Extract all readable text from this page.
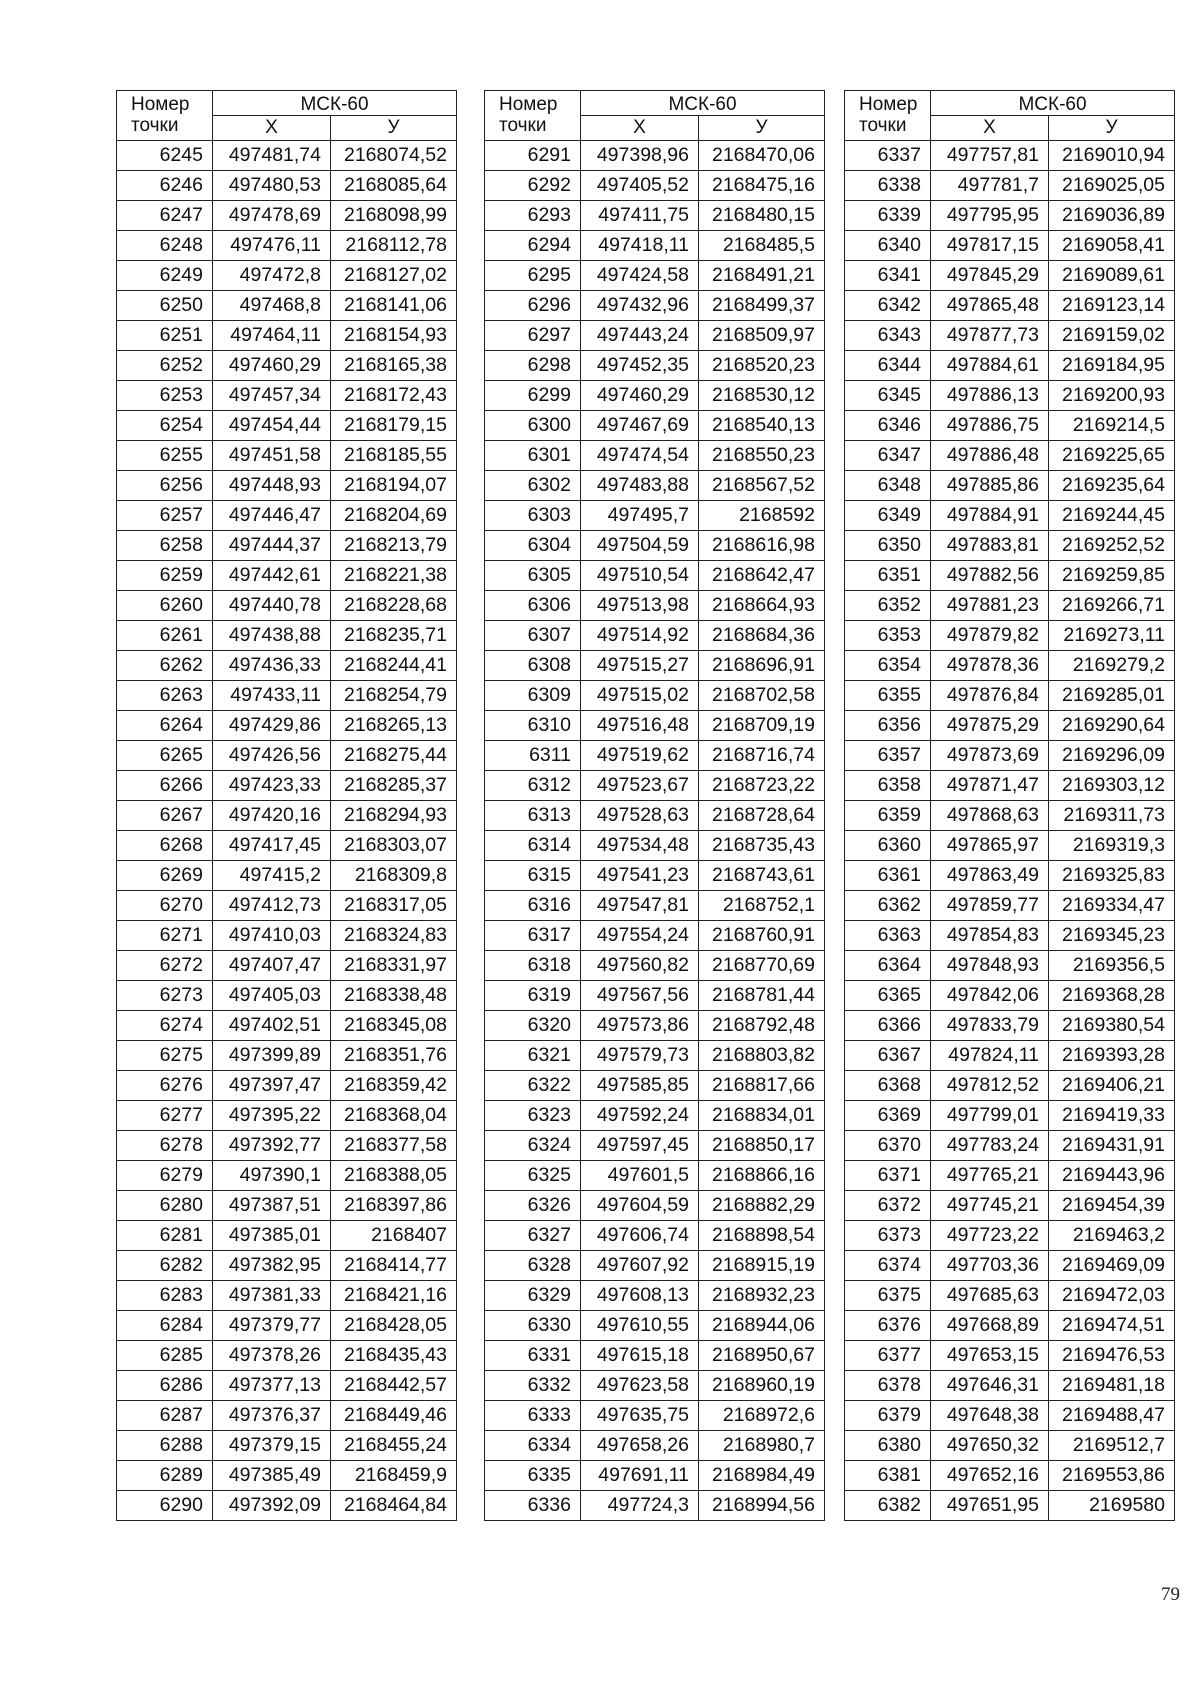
Номер
точки	МСК-60	
	Х	У
6245	497481,74	2168074,52
6246	497480,53	2168085,64
6247	497478,69	2168098,99
6248	497476,11	2168112,78
6249	497472,8	2168127,02
6250	497468,8	2168141,06
6251	497464,11	2168154,93
6252	497460,29	2168165,38
6253	497457,34	2168172,43
6254	497454,44	2168179,15
6255	497451,58	2168185,55
6256	497448,93	2168194,07
6257	497446,47	2168204,69
6258	497444,37	2168213,79
6259	497442,61	2168221,38
6260	497440,78	2168228,68
6261	497438,88	2168235,71
6262	497436,33	2168244,41
6263	497433,11	2168254,79
6264	497429,86	2168265,13
6265	497426,56	2168275,44
6266	497423,33	2168285,37
6267	497420,16	2168294,93
6268	497417,45	2168303,07
6269	497415,2	2168309,8
6270	497412,73	2168317,05
6271	497410,03	2168324,83
6272	497407,47	2168331,97
6273	497405,03	2168338,48
6274	497402,51	2168345,08
6275	497399,89	2168351,76
6276	497397,47	2168359,42
6277	497395,22	2168368,04
6278	497392,77	2168377,58
6279	497390,1	2168388,05
6280	497387,51	2168397,86
6281	497385,01	2168407
6282	497382,95	2168414,77
6283	497381,33	2168421,16
6284	497379,77	2168428,05
6285	497378,26	2168435,43
6286	497377,13	2168442,57
6287	497376,37	2168449,46
6288	497379,15	2168455,24
6289	497385,49	2168459,9
6290	497392,09	2168464,84
Номер
точки	МСК-60	
	Х	У
6291	497398,96	2168470,06
6292	497405,52	2168475,16
6293	497411,75	2168480,15
6294	497418,11	2168485,5
6295	497424,58	2168491,21
6296	497432,96	2168499,37
6297	497443,24	2168509,97
6298	497452,35	2168520,23
6299	497460,29	2168530,12
6300	497467,69	2168540,13
6301	497474,54	2168550,23
6302	497483,88	2168567,52
6303	497495,7	2168592
6304	497504,59	2168616,98
6305	497510,54	2168642,47
6306	497513,98	2168664,93
6307	497514,92	2168684,36
6308	497515,27	2168696,91
6309	497515,02	2168702,58
6310	497516,48	2168709,19
6311	497519,62	2168716,74
6312	497523,67	2168723,22
6313	497528,63	2168728,64
6314	497534,48	2168735,43
6315	497541,23	2168743,61
6316	497547,81	2168752,1
6317	497554,24	2168760,91
6318	497560,82	2168770,69
6319	497567,56	2168781,44
6320	497573,86	2168792,48
6321	497579,73	2168803,82
6322	497585,85	2168817,66
6323	497592,24	2168834,01
6324	497597,45	2168850,17
6325	497601,5	2168866,16
6326	497604,59	2168882,29
6327	497606,74	2168898,54
6328	497607,92	2168915,19
6329	497608,13	2168932,23
6330	497610,55	2168944,06
6331	497615,18	2168950,67
6332	497623,58	2168960,19
6333	497635,75	2168972,6
6334	497658,26	2168980,7
6335	497691,11	2168984,49
6336	497724,3	2168994,56
Номер
точки	МСК-60	
	Х	У
6337	497757,81	2169010,94
6338	497781,7	2169025,05
6339	497795,95	2169036,89
6340	497817,15	2169058,41
6341	497845,29	2169089,61
6342	497865,48	2169123,14
6343	497877,73	2169159,02
6344	497884,61	2169184,95
6345	497886,13	2169200,93
6346	497886,75	2169214,5
6347	497886,48	2169225,65
6348	497885,86	2169235,64
6349	497884,91	2169244,45
6350	497883,81	2169252,52
6351	497882,56	2169259,85
6352	497881,23	2169266,71
6353	497879,82	2169273,11
6354	497878,36	2169279,2
6355	497876,84	2169285,01
6356	497875,29	2169290,64
6357	497873,69	2169296,09
6358	497871,47	2169303,12
6359	497868,63	2169311,73
6360	497865,97	2169319,3
6361	497863,49	2169325,83
6362	497859,77	2169334,47
6363	497854,83	2169345,23
6364	497848,93	2169356,5
6365	497842,06	2169368,28
6366	497833,79	2169380,54
6367	497824,11	2169393,28
6368	497812,52	2169406,21
6369	497799,01	2169419,33
6370	497783,24	2169431,91
6371	497765,21	2169443,96
6372	497745,21	2169454,39
6373	497723,22	2169463,2
6374	497703,36	2169469,09
6375	497685,63	2169472,03
6376	497668,89	2169474,51
6377	497653,15	2169476,53
6378	497646,31	2169481,18
6379	497648,38	2169488,47
6380	497650,32	2169512,7
6381	497652,16	2169553,86
6382	497651,95	2169580
79
